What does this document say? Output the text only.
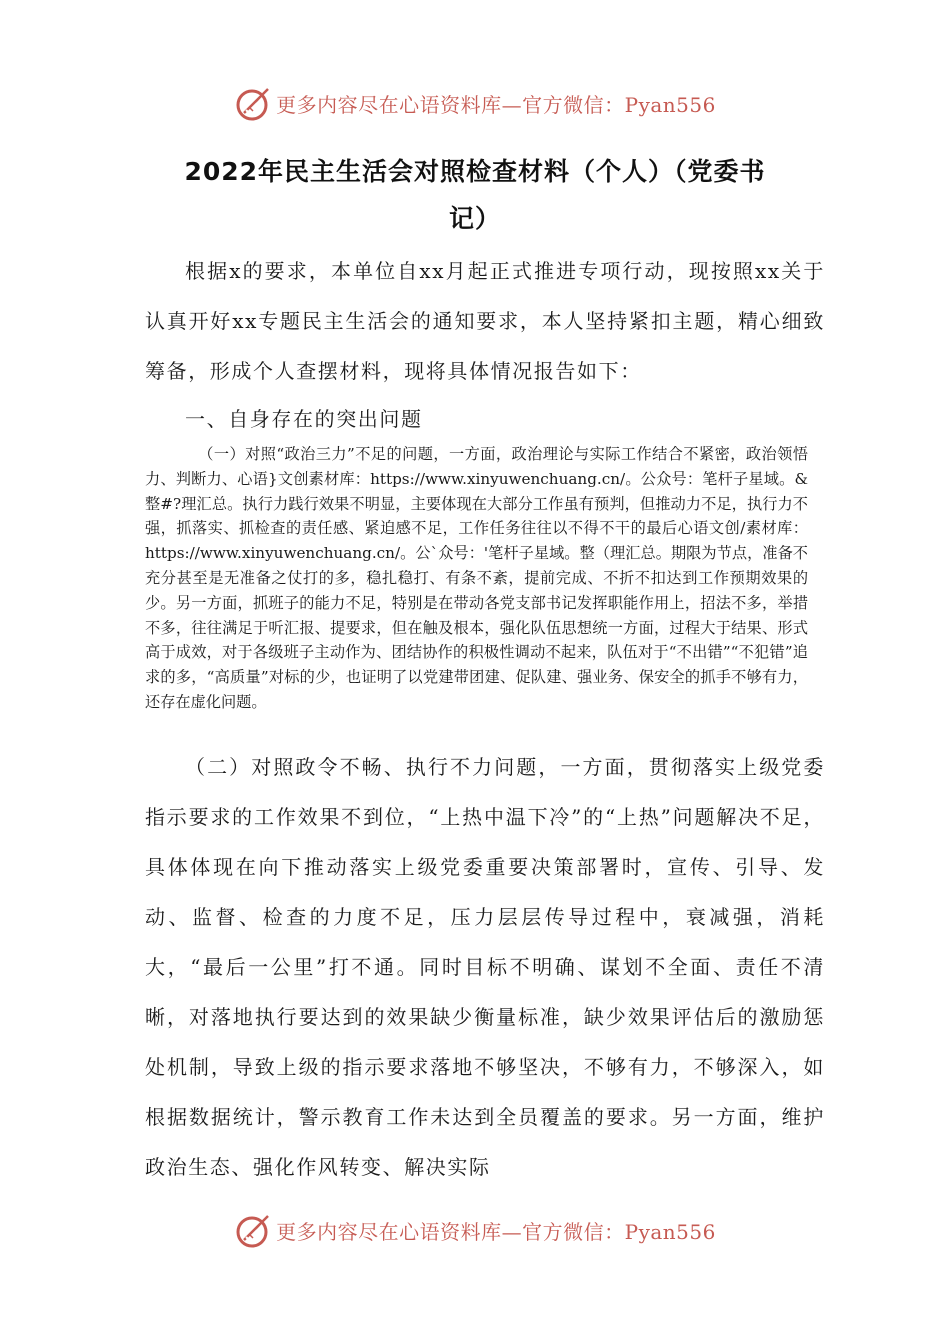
更多内容尽在心语资料库—官方微信：Pyan556
2022年民主生活会对照检查材料（个人）（党委书
记）

根据x的要求，本单位自xx月起正式推进专项行动，现按照xx关于认真开好xx专题民主生活会的通知要求，本人坚持紧扣主题，精心细致筹备，形成个人查摆材料，现将具体情况报告如下：

一、自身存在的突出问题

（一）对照“政治三力”不足的问题，一方面，政治理论与实际工作结合不紧密，政治领悟力、判断力、心语}文创素材库：https://www.xinyuwenchuang.cn/。公众号：笔杆子星域。&整#?理汇总。执行力践行效果不明显，主要体现在大部分工作虽有预判，但推动力不足，执行力不强，抓落实、抓检查的责任感、紧迫感不足，工作任务往往以不得不干的最后心语文创/素材库：https://www.xinyuwenchuang.cn/。公`众号：'笔杆子星域。整（理汇总。期限为节点，准备不充分甚至是无准备之仗打的多，稳扎稳打、有条不紊，提前完成、不折不扣达到工作预期效果的少。另一方面，抓班子的能力不足，特别是在带动各党支部书记发挥职能作用上，招法不多，举措不多，往往满足于听汇报、提要求，但在触及根本，强化队伍思想统一方面，过程大于结果、形式高于成效，对于各级班子主动作为、团结协作的积极性调动不起来，队伍对于“不出错”“不犯错”追求的多，“高质量”对标的少，也证明了以党建带团建、促队建、强业务、保安全的抓手不够有力，还存在虚化问题。

（二）对照政令不畅、执行不力问题，一方面，贯彻落实上级党委指示要求的工作效果不到位，“上热中温下冷”的“上热”问题解决不足，具体体现在向下推动落实上级党委重要决策部署时，宣传、引导、发动、监督、检查的力度不足，压力层层传导过程中，衰减强，消耗大，“最后一公里”打不通。同时目标不明确、谋划不全面、责任不清晰，对落地执行要达到的效果缺少衡量标准，缺少效果评估后的激励惩处机制，导致上级的指示要求落地不够坚决，不够有力，不够深入，如根据数据统计，警示教育工作未达到全员覆盖的要求。另一方面，维护政治生态、强化作风转变、解决实际

更多内容尽在心语资料库—官方微信：Pyan556
